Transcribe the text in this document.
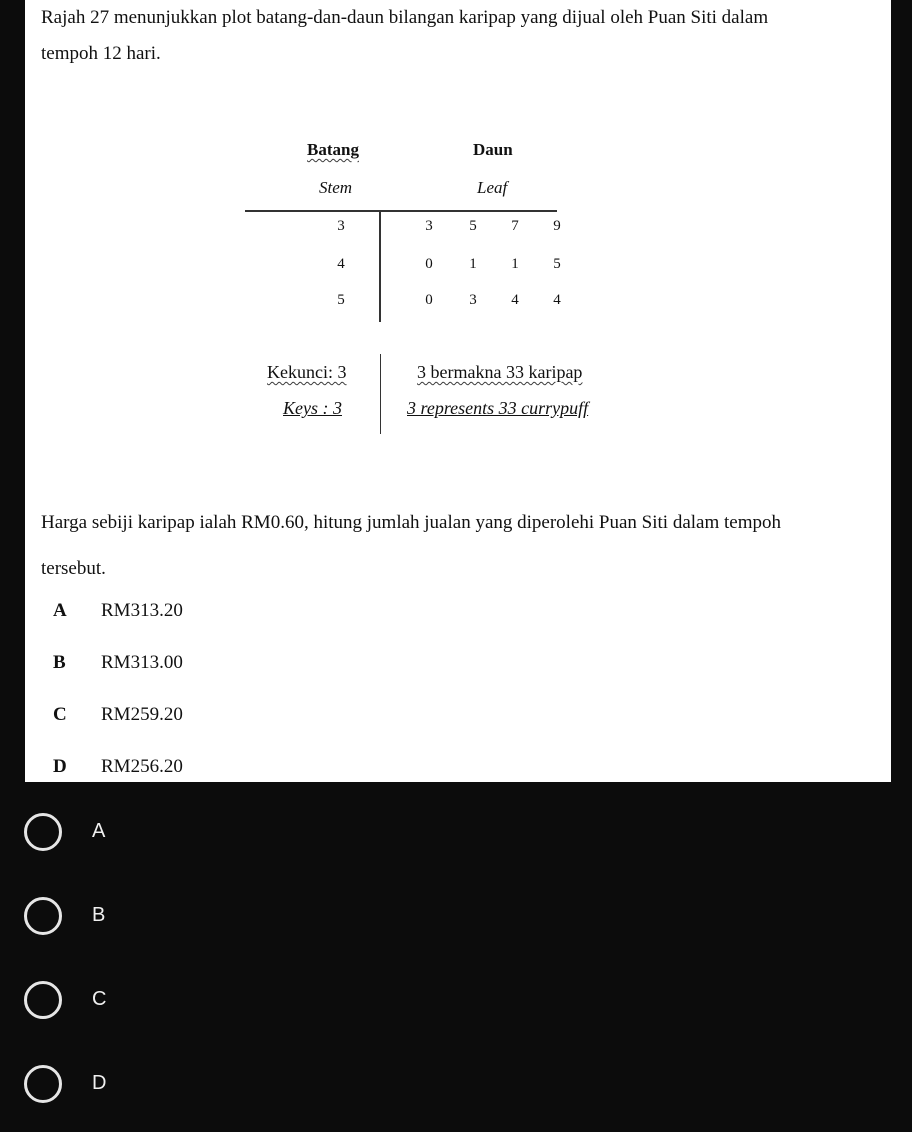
Rajah 27 menunjukkan plot batang-dan-daun bilangan karipap yang dijual oleh Puan Siti dalam
tempoh 12 hari.

Batang	Daun
Stem	Leaf
3	3	5	7	9
4	0	1	1	5
5	0	3	4	4
Kekunci: 3	3 bermakna 33 karipap
Keys : 3	3 represents 33 currypuff

Harga sebiji karipap ialah RM0.60, hitung jumlah jualan yang diperolehi Puan Siti dalam tempoh
tersebut.

A RM313.20
B RM313.00
C RM259.20
D RM256.20
A
B
C
D
